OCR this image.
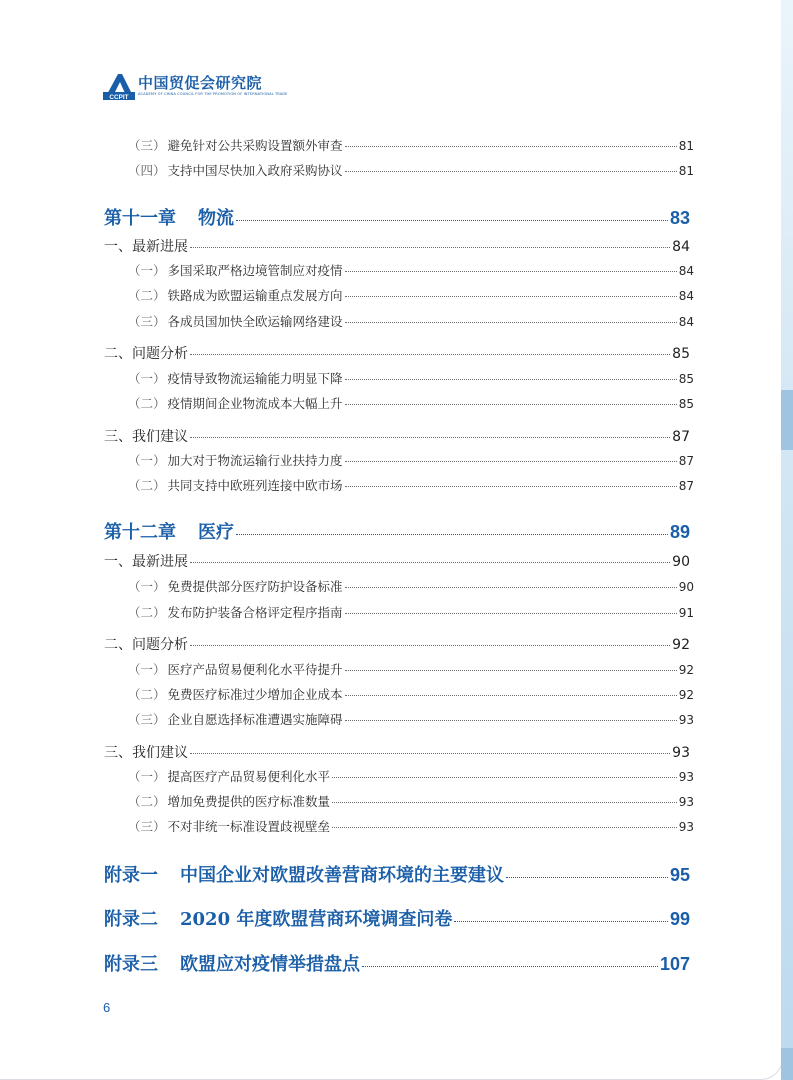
CCPIT
中国贸促会研究院
ACADEMY OF CHINA COUNCIL FOR THE PROMOTION OF INTERNATIONAL TRADE
（三） 避免针对公共采购设置额外审查	81
（四） 支持中国尽快加入政府采购协议	81
第十一章 物流	83
一、最新进展	84
（一） 多国采取严格边境管制应对疫情	84
（二） 铁路成为欧盟运输重点发展方向	84
（三） 各成员国加快全欧运输网络建设	84
二、问题分析	85
（一） 疫情导致物流运输能力明显下降	85
（二） 疫情期间企业物流成本大幅上升	85
三、我们建议	87
（一） 加大对于物流运输行业扶持力度	87
（二） 共同支持中欧班列连接中欧市场	87
第十二章 医疗	89
一、最新进展	90
（一） 免费提供部分医疗防护设备标准	90
（二） 发布防护装备合格评定程序指南	91
二、问题分析	92
（一） 医疗产品贸易便利化水平待提升	92
（二） 免费医疗标准过少增加企业成本	92
（三） 企业自愿选择标准遭遇实施障碍	93
三、我们建议	93
（一） 提高医疗产品贸易便利化水平	93
（二） 增加免费提供的医疗标准数量	93
（三） 不对非统一标准设置歧视壁垒	93
附录一 中国企业对欧盟改善营商环境的主要建议	95
附录二 2020 年度欧盟营商环境调查问卷	99
附录三 欧盟应对疫情举措盘点	107
6
